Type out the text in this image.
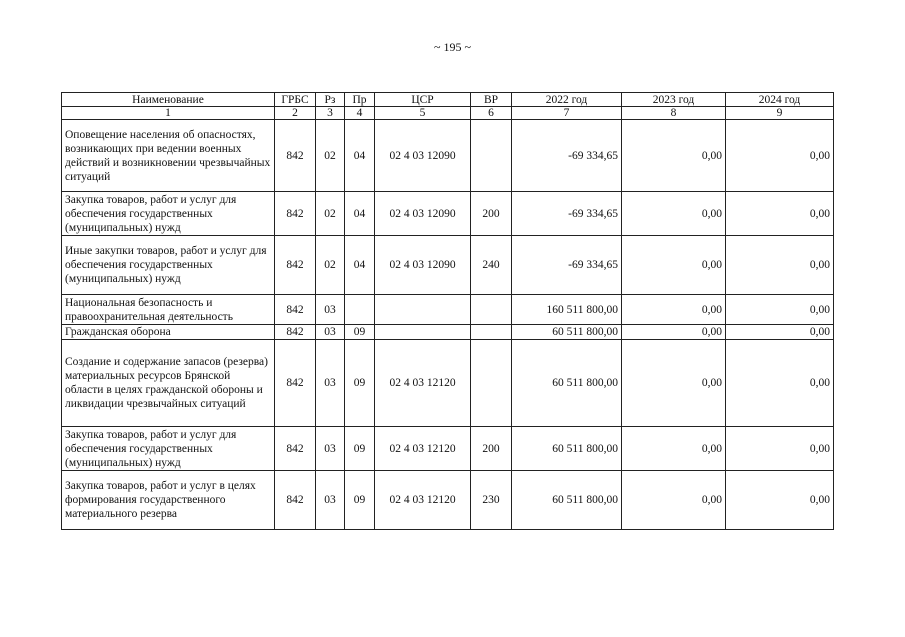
~ 195 ~
Наименование	ГРБС	Рз	Пр	ЦСР	ВР	2022 год	2023 год	2024 год
1	2	3	4	5	6	7	8	9
Оповещение населения об опасностях, возникающих при ведении военных действий и возникновении чрезвычайных ситуаций	842	02	04	02 4 03 12090		-69 334,65	0,00	0,00
Закупка товаров, работ и услуг для обеспечения государственных (муниципальных) нужд	842	02	04	02 4 03 12090	200	-69 334,65	0,00	0,00
Иные закупки товаров, работ и услуг для обеспечения государственных (муниципальных) нужд	842	02	04	02 4 03 12090	240	-69 334,65	0,00	0,00
Национальная безопасность и правоохранительная деятельность	842	03				160 511 800,00	0,00	0,00
Гражданская оборона	842	03	09			60 511 800,00	0,00	0,00
Создание и содержание запасов (резерва) материальных ресурсов Брянской области в целях гражданской обороны и ликвидации чрезвычайных ситуаций	842	03	09	02 4 03 12120		60 511 800,00	0,00	0,00
Закупка товаров, работ и услуг для обеспечения государственных (муниципальных) нужд	842	03	09	02 4 03 12120	200	60 511 800,00	0,00	0,00
Закупка товаров, работ и услуг в целях формирования государственного материального резерва	842	03	09	02 4 03 12120	230	60 511 800,00	0,00	0,00
